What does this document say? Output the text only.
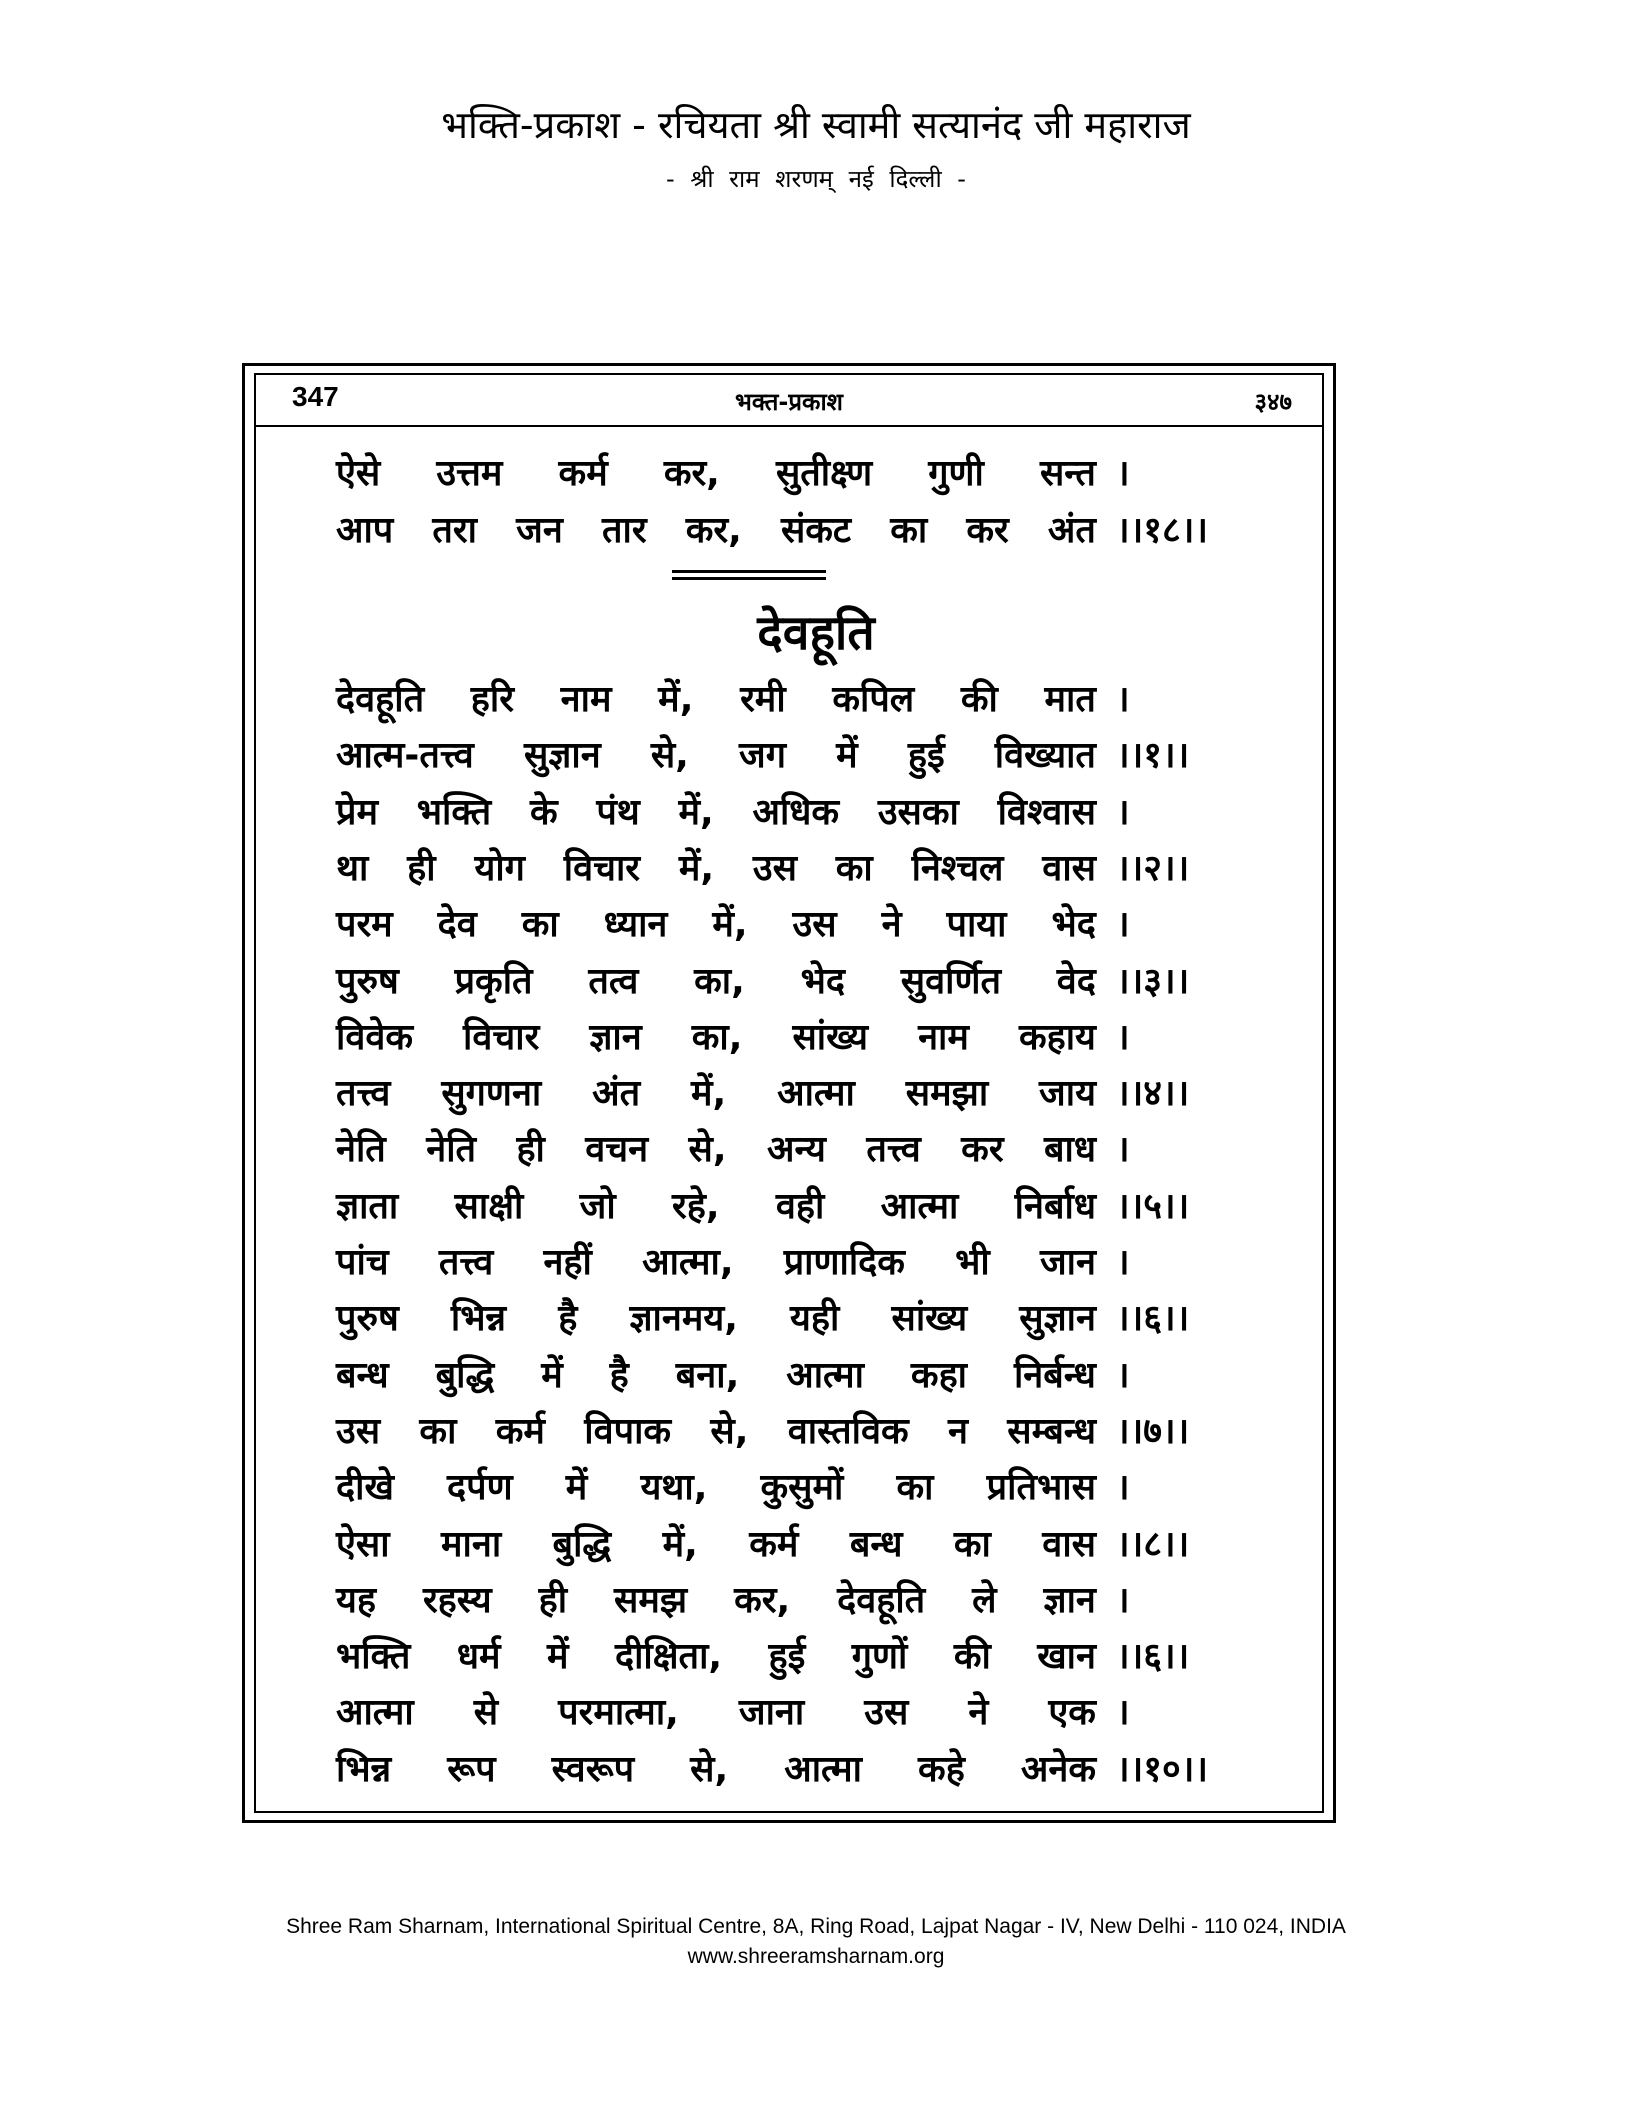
भक्ति-प्रकाश - रचियता श्री स्वामी सत्यानंद जी महाराज
- श्री राम शरणम् नई दिल्ली -
347	भक्त-प्रकाश	३४७
ऐसे उत्तम कर्म कर, सुतीक्ष्ण गुणी सन्त ।
आप तरा जन तार कर, संकट का कर अंत ।।१८।।
देवहूति
देवहूति हरि नाम में, रमी कपिल की मात ।
आत्म-तत्त्व सुज्ञान से, जग में हुई विख्यात ।।१।।
प्रेम भक्ति के पंथ में, अधिक उसका विश्वास ।
था ही योग विचार में, उस का निश्चल वास ।।२।।
परम देव का ध्यान में, उस ने पाया भेद ।
पुरुष प्रकृति तत्व का, भेद सुवर्णित वेद ।।३।।
विवेक विचार ज्ञान का, सांख्य नाम कहाय ।
तत्त्व सुगणना अंत में, आत्मा समझा जाय ।।४।।
नेति नेति ही वचन से, अन्य तत्त्व कर बाध ।
ज्ञाता साक्षी जो रहे, वही आत्मा निर्बाध ।।५।।
पांच तत्त्व नहीं आत्मा, प्राणादिक भी जान ।
पुरुष भिन्न है ज्ञानमय, यही सांख्य सुज्ञान ।।६।।
बन्ध बुद्धि में है बना, आत्मा कहा निर्बन्ध ।
उस का कर्म विपाक से, वास्तविक न सम्बन्ध ।।७।।
दीखे दर्पण में यथा, कुसुमों का प्रतिभास ।
ऐसा माना बुद्धि में, कर्म बन्ध का वास ।।८।।
यह रहस्य ही समझ कर, देवहूति ले ज्ञान ।
भक्ति धर्म में दीक्षिता, हुई गुणों की खान ।।६।।
आत्मा से परमात्मा, जाना उस ने एक ।
भिन्न रूप स्वरूप से, आत्मा कहे अनेक ।।१०।।
Shree Ram Sharnam, International Spiritual Centre, 8A, Ring Road, Lajpat Nagar - IV, New Delhi - 110 024, INDIA
www.shreeramsharnam.org
